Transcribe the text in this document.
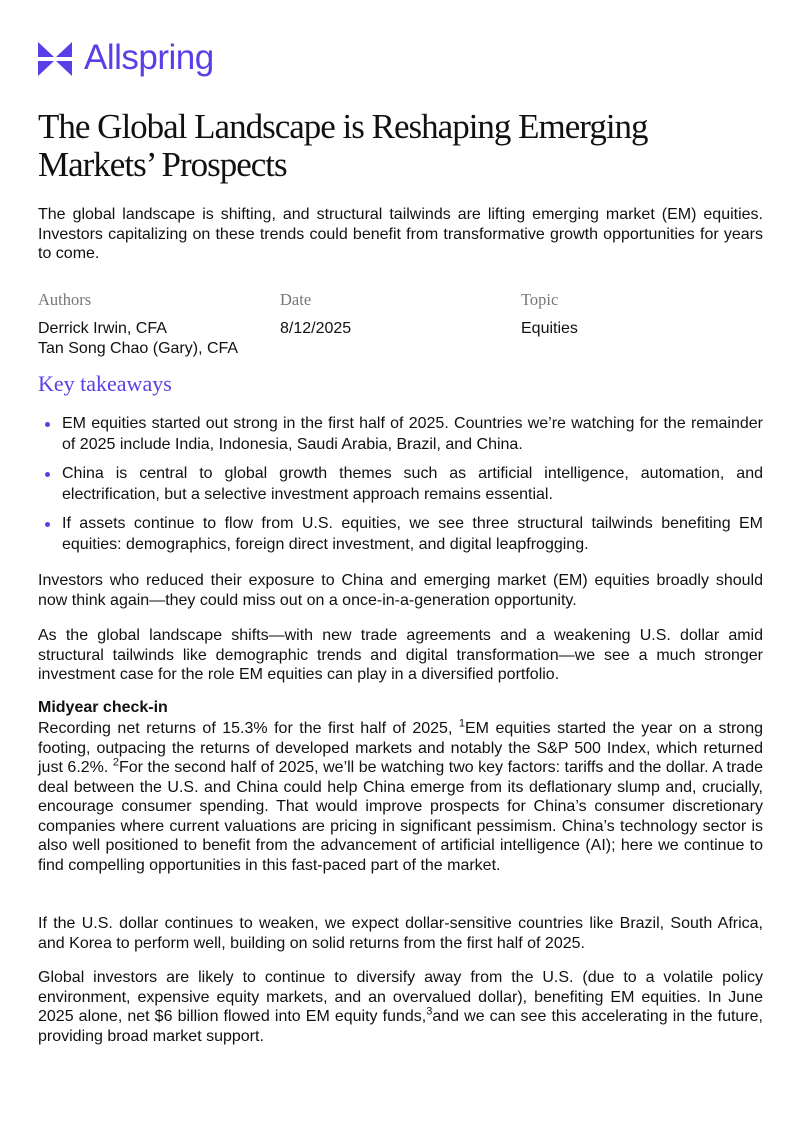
Allspring
The Global Landscape is Reshaping Emerging Markets’ Prospects

The global landscape is shifting, and structural tailwinds are lifting emerging market (EM) equities. Investors capitalizing on these trends could benefit from transformative growth opportunities for years to come.

Authors
Derrick Irwin, CFA
Tan Song Chao (Gary), CFA
Date
8/12/2025
Topic
Equities
Key takeaways
EM equities started out strong in the first half of 2025. Countries we’re watching for the remainder of 2025 include India, Indonesia, Saudi Arabia, Brazil, and China.
China is central to global growth themes such as artificial intelligence, automation, and electrification, but a selective investment approach remains essential.
If assets continue to flow from U.S. equities, we see three structural tailwinds benefiting EM equities: demographics, foreign direct investment, and digital leapfrogging.

Investors who reduced their exposure to China and emerging market (EM) equities broadly should now think again—they could miss out on a once-in-a-generation opportunity.

As the global landscape shifts—with new trade agreements and a weakening U.S. dollar amid structural tailwinds like demographic trends and digital transformation—we see a much stronger investment case for the role EM equities can play in a diversified portfolio.

Midyear check-in

Recording net returns of 15.3% for the first half of 2025, $^1$EM equities started the year on a strong footing, outpacing the returns of developed markets and notably the S&P 500 Index, which returned just 6.2%. $^2$For the second half of 2025, we’ll be watching two key factors: tariffs and the dollar. A trade deal between the U.S. and China could help China emerge from its deflationary slump and, crucially, encourage consumer spending. That would improve prospects for China’s consumer discretionary companies where current valuations are pricing in significant pessimism. China’s technology sector is also well positioned to benefit from the advancement of artificial intelligence (AI); here we continue to find compelling opportunities in this fast-paced part of the market.

If the U.S. dollar continues to weaken, we expect dollar-sensitive countries like Brazil, South Africa, and Korea to perform well, building on solid returns from the first half of 2025.

Global investors are likely to continue to diversify away from the U.S. (due to a volatile policy environment, expensive equity markets, and an overvalued dollar), benefiting EM equities. In June 2025 alone, net $6 billion flowed into EM equity funds,$^3$and we can see this accelerating in the future, providing broad market support.
